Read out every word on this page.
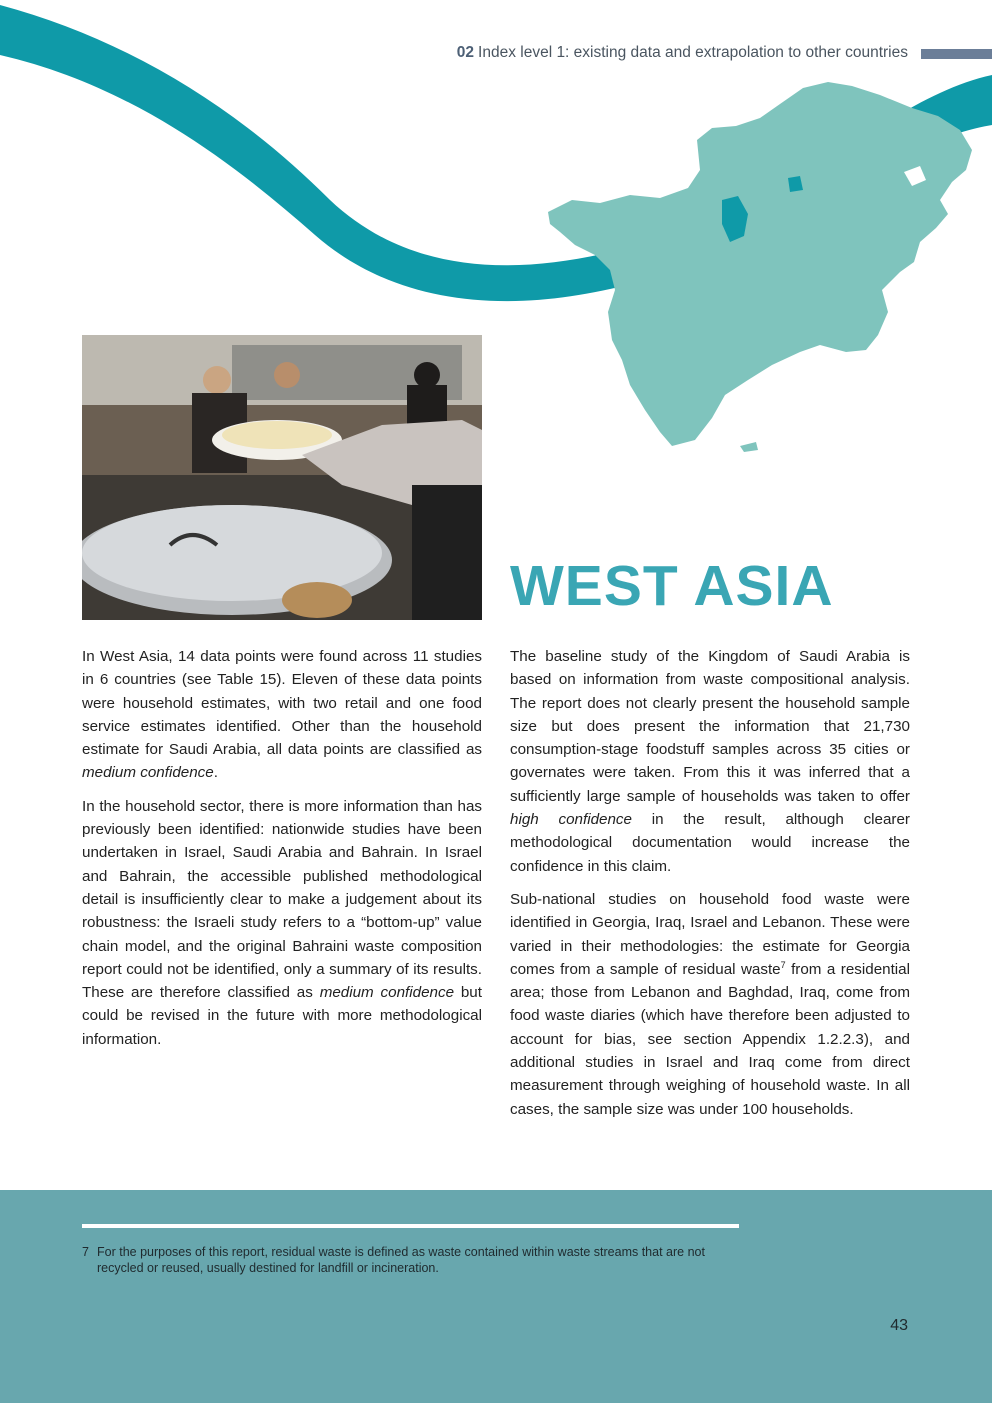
02 Index level 1: existing data and extrapolation to other countries
WEST ASIA

In West Asia, 14 data points were found across 11 studies in 6 countries (see Table 15). Eleven of these data points were household estimates, with two retail and one food service estimates identified. Other than the household estimate for Saudi Arabia, all data points are classified as medium confidence.

In the household sector, there is more information than has previously been identified: nationwide studies have been undertaken in Israel, Saudi Arabia and Bahrain. In Israel and Bahrain, the accessible published methodological detail is insufficiently clear to make a judgement about its robustness: the Israeli study refers to a “bottom-up” value chain model, and the original Bahraini waste composition report could not be identified, only a summary of its results. These are therefore classified as medium confidence but could be revised in the future with more methodological information.

The baseline study of the Kingdom of Saudi Arabia is based on information from waste compositional analysis. The report does not clearly present the household sample size but does present the information that 21,730 consumption-stage foodstuff samples across 35 cities or governates were taken. From this it was inferred that a sufficiently large sample of households was taken to offer high confidence in the result, although clearer methodological documentation would increase the confidence in this claim.

Sub-national studies on household food waste were identified in Georgia, Iraq, Israel and Lebanon. These were varied in their methodologies: the estimate for Georgia comes from a sample of residual waste$^7$ from a residential area; those from Lebanon and Baghdad, Iraq, come from food waste diaries (which have therefore been adjusted to account for bias, see section Appendix 1.2.2.3), and additional studies in Israel and Iraq come from direct measurement through weighing of household waste. In all cases, the sample size was under 100 households.

7 For the purposes of this report, residual waste is defined as waste contained within waste streams that are not recycled or reused, usually destined for landfill or incineration.
43
